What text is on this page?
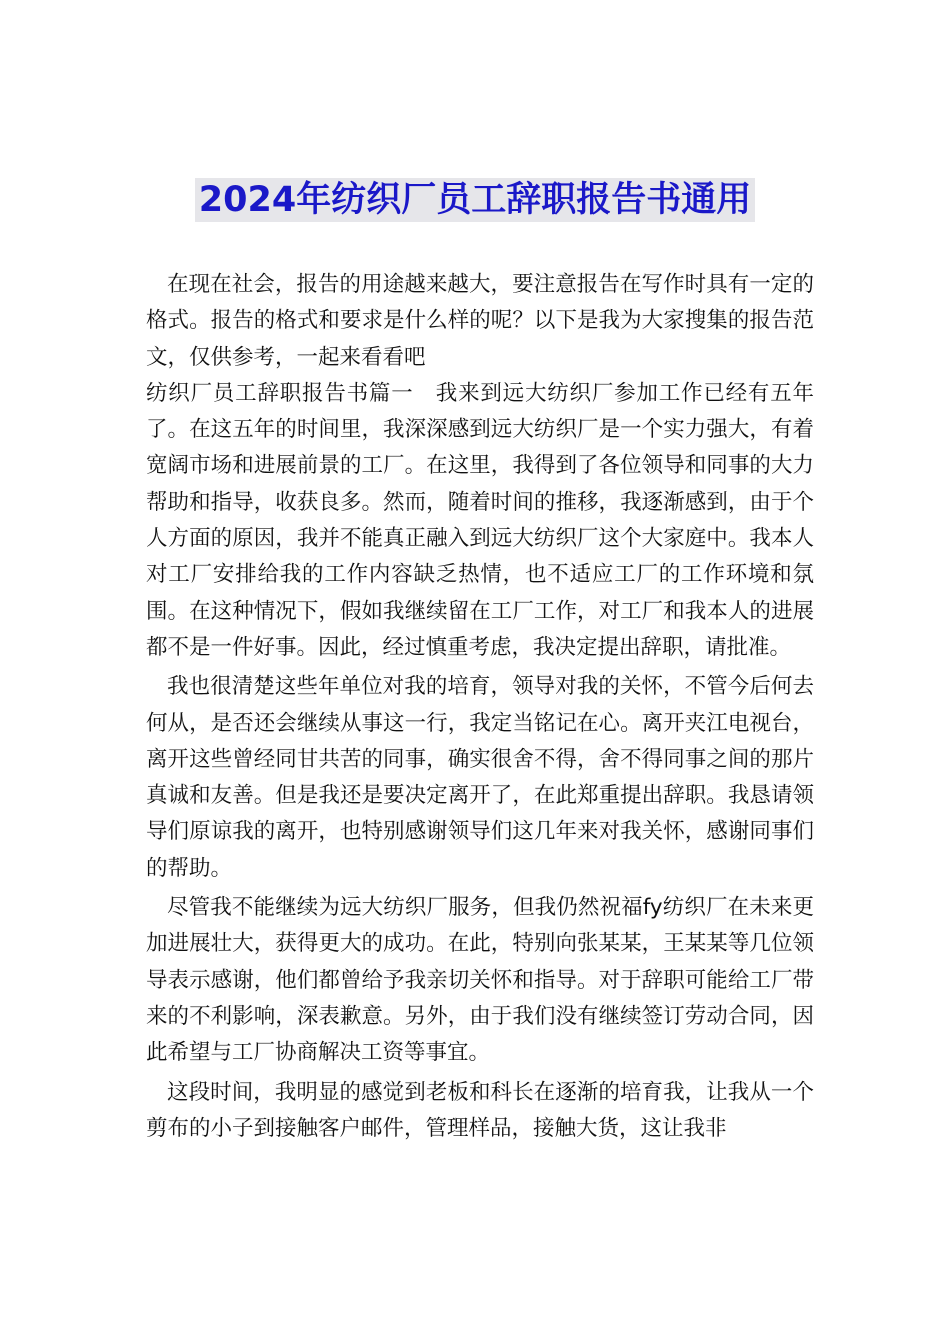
2024年纺织厂员工辞职报告书通用

在现在社会，报告的用途越来越大，要注意报告在写作时具有一定的格式。报告的格式和要求是什么样的呢？以下是我为大家搜集的报告范文，仅供参考，一起来看看吧

纺织厂员工辞职报告书篇一　我来到远大纺织厂参加工作已经有五年了。在这五年的时间里，我深深感到远大纺织厂是一个实力强大，有着宽阔市场和进展前景的工厂。在这里，我得到了各位领导和同事的大力帮助和指导，收获良多。然而，随着时间的推移，我逐渐感到，由于个人方面的原因，我并不能真正融入到远大纺织厂这个大家庭中。我本人对工厂安排给我的工作内容缺乏热情，也不适应工厂的工作环境和氛围。在这种情况下，假如我继续留在工厂工作，对工厂和我本人的进展都不是一件好事。因此，经过慎重考虑，我决定提出辞职，请批准。

我也很清楚这些年单位对我的培育，领导对我的关怀，不管今后何去何从，是否还会继续从事这一行，我定当铭记在心。离开夹江电视台，离开这些曾经同甘共苦的同事，确实很舍不得，舍不得同事之间的那片真诚和友善。但是我还是要决定离开了，在此郑重提出辞职。我恳请领导们原谅我的离开，也特别感谢领导们这几年来对我关怀，感谢同事们的帮助。

尽管我不能继续为远大纺织厂服务，但我仍然祝福fy纺织厂在未来更加进展壮大，获得更大的成功。在此，特别向张某某，王某某等几位领导表示感谢，他们都曾给予我亲切关怀和指导。对于辞职可能给工厂带来的不利影响，深表歉意。另外，由于我们没有继续签订劳动合同，因此希望与工厂协商解决工资等事宜。

这段时间，我明显的感觉到老板和科长在逐渐的培育我，让我从一个剪布的小子到接触客户邮件，管理样品，接触大货，这让我非
